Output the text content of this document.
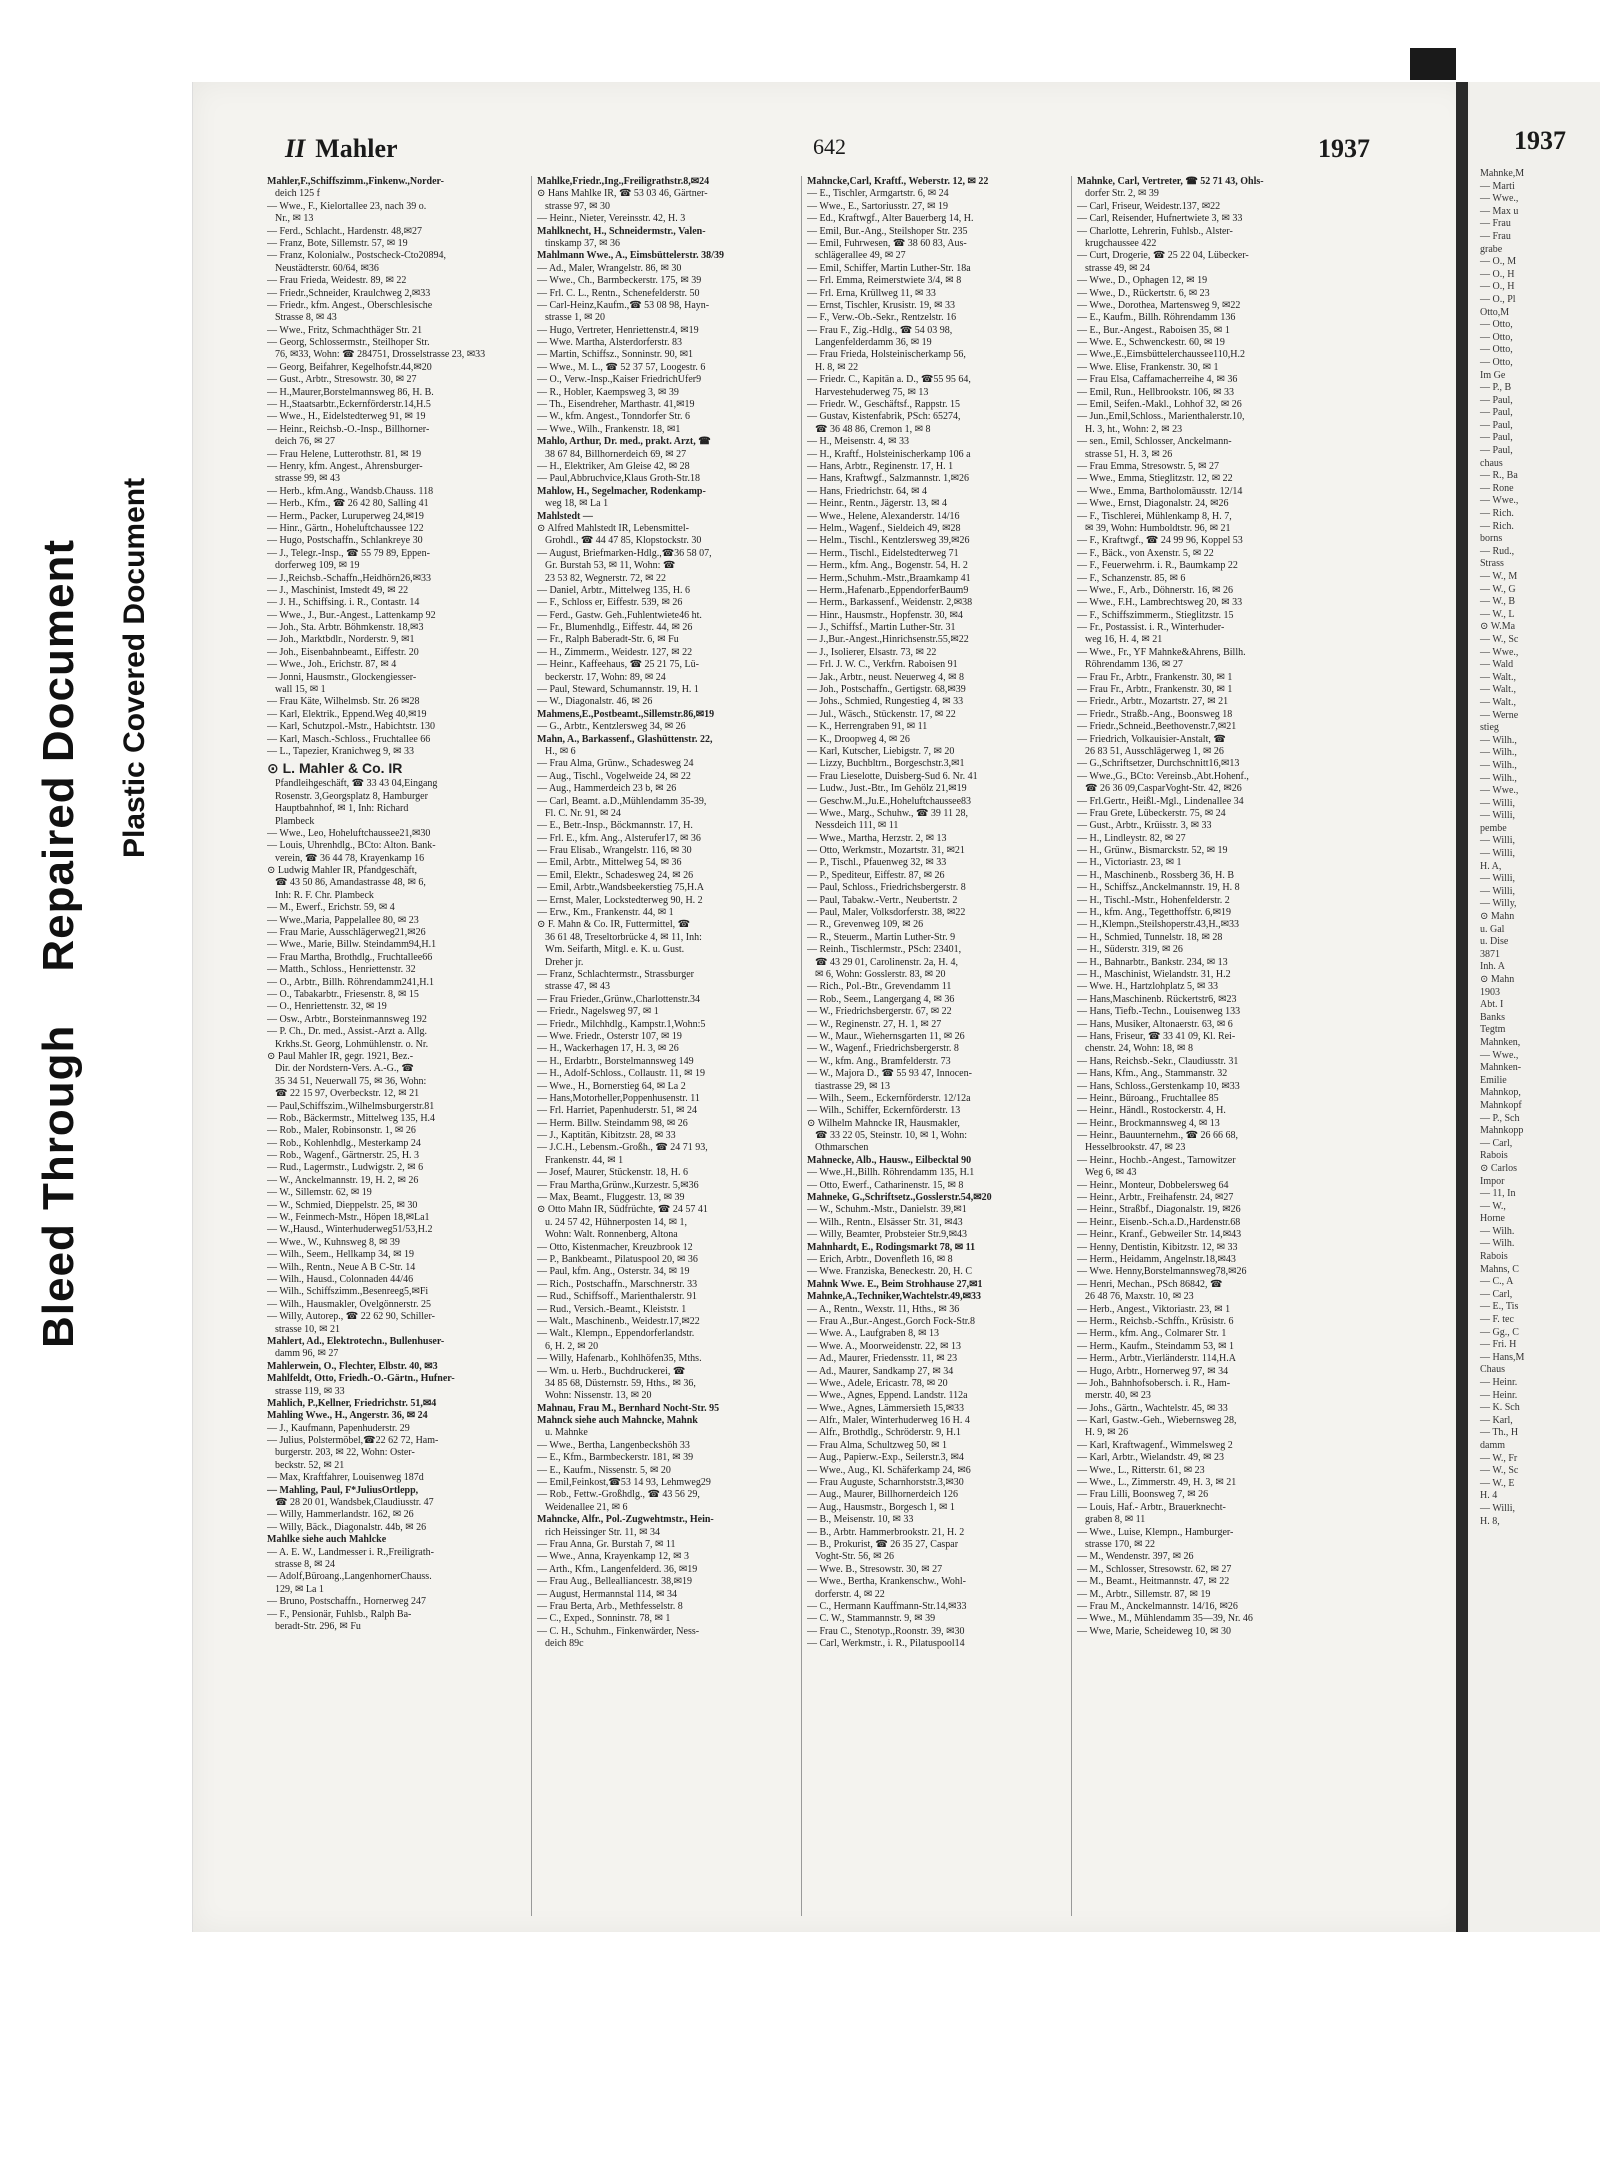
Bleed Through    Repaired Document Plastic Covered Document
II Mahler	642	1937
Mahler,F.,Schiffszimm.,Finkenw.,Norder-
deich 125 f
— Wwe., F., Kielortallee 23, nach 39 o.
Nr., ✉ 13
— Ferd., Schlacht., Hardenstr. 48,✉27
— Franz, Bote, Sillemstr. 57, ✉ 19
— Franz, Kolonialw., Postscheck-Cto20894,
Neustädterstr. 60/64, ✉36
— Frau Frieda, Weidestr. 89, ✉ 22
— Friedr.,Schneider, Kraulchweg 2,✉33
— Friedr., kfm. Angest., Oberschlesische
Strasse 8, ✉ 43
— Wwe., Fritz, Schmachthäger Str. 21
— Georg, Schlossermstr., Steilhoper Str.
76, ✉33, Wohn: ☎ 284751, Drosselstrasse 23, ✉33
— Georg, Beifahrer, Kegelhofstr.44,✉20
— Gust., Arbtr., Stresowstr. 30, ✉ 27
— H.,Maurer,Borstelmannsweg 86, H. B.
— H.,Staatsarbtr.,Eckernförderstr.14,H.5
— Wwe., H., Eidelstedterweg 91, ✉ 19
— Heinr., Reichsb.-O.-Insp., Billhorner-
deich 76, ✉ 27
— Frau Helene, Lutterothstr. 81, ✉ 19
— Henry, kfm. Angest., Ahrensburger-
strasse 99, ✉ 43
— Herb., kfm.Ang., Wandsb.Chauss. 118
— Herb., Kfm., ☎ 26 42 80, Salling 41
— Herm., Packer, Luruperweg 24,✉19
— Hinr., Gärtn., Hoheluftchaussee 122
— Hugo, Postschaffn., Schlankreye 30
— J., Telegr.-Insp., ☎ 55 79 89, Eppen-
dorferweg 109, ✉ 19
— J.,Reichsb.-Schaffn.,Heidhörn26,✉33
— J., Maschinist, Imstedt 49, ✉ 22
— J. H., Schiffsing. i. R., Contastr. 14
— Wwe., J., Bur.-Angest., Lattenkamp 92
— Joh., Sta. Arbtr. Böhmkenstr. 18,✉3
— Joh., Marktbdlr., Norderstr. 9, ✉1
— Joh., Eisenbahnbeamt., Eiffestr. 20
— Wwe., Joh., Erichstr. 87, ✉ 4
— Jonni, Hausmstr., Glockengiesser-
wall 15, ✉ 1
— Frau Käte, Wilhelmsb. Str. 26 ✉28
— Karl, Elektrik., Eppend.Weg 40,✉19
— Karl, Schutzpol.-Mstr., Habichtstr. 130
— Karl, Masch.-Schloss., Fruchtallee 66
— L., Tapezier, Kranichweg 9, ✉ 33
⊙ L. Mahler & Co. IR
Pfandleihgeschäft, ☎ 33 43 04,Eingang
Rosenstr. 3,Georgsplatz 8, Hamburger
Hauptbahnhof, ✉ 1, Inh: Richard
Plambeck
— Wwe., Leo, Hoheluftchaussee21,✉30
— Louis, Uhrenhdlg., BCto: Alton. Bank-
verein, ☎ 36 44 78, Krayenkamp 16
⊙ Ludwig Mahler IR, Pfandgeschäft,
☎ 43 50 86, Amandastrasse 48, ✉ 6,
Inh: R. F. Chr. Plambeck
— M., Ewerf., Erichstr. 59, ✉ 4
— Wwe.,Maria, Pappelallee 80, ✉ 23
— Frau Marie, Ausschlägerweg21,✉26
— Wwe., Marie, Billw. Steindamm94,H.1
— Frau Martha, Brothdlg., Fruchtallee66
— Matth., Schloss., Henriettenstr. 32
— O., Arbtr., Billh. Röhrendamm241,H.1
— O., Tabakarbtr., Friesenstr. 8, ✉ 15
— O., Henriettenstr. 32, ✉ 19
— Osw., Arbtr., Borsteinmannsweg 192
— P. Ch., Dr. med., Assist.-Arzt a. Allg.
Krkhs.St. Georg, Lohmühlenstr. o. Nr.
⊙ Paul Mahler IR, gegr. 1921, Bez.-
Dir. der Nordstern-Vers. A.-G., ☎
35 34 51, Neuerwall 75, ✉ 36, Wohn:
☎ 22 15 97, Overbeckstr. 12, ✉ 21
— Paul,Schiffszim.,Wilhelmsburgerstr.81
— Rob., Bäckermstr., Mittelweg 135, H.4
— Rob., Maler, Robinsonstr. 1, ✉ 26
— Rob., Kohlenhdlg., Mesterkamp 24
— Rob., Wagenf., Gärtnerstr. 25, H. 3
— Rud., Lagermstr., Ludwigstr. 2, ✉ 6
— W., Anckelmannstr. 19, H. 2, ✉ 26
— W., Sillemstr. 62, ✉ 19
— W., Schmied, Dieppelstr. 25, ✉ 30
— W., Feinmech-Mstr., Höpen 18,✉La1
— W.,Hausd., Winterhuderweg51/53,H.2
— Wwe., W., Kuhnsweg 8, ✉ 39
— Wilh., Seem., Hellkamp 34, ✉ 19
— Wilh., Rentn., Neue A B C-Str. 14
— Wilh., Hausd., Colonnaden 44/46
— Wilh., Schiffszimm.,Besenreeg5,✉Fi
— Wilh., Hausmakler, Övelgönnerstr. 25
— Willy, Autorep., ☎ 22 62 90, Schiller-
strasse 10, ✉ 21
Mahlert, Ad., Elektrotechn., Bullenhuser-
damm 96, ✉ 27
Mahlerwein, O., Flechter, Elbstr. 40, ✉3
Mahlfeldt, Otto, Friedh.-O.-Gärtn., Hufner-
strasse 119, ✉ 33
Mahlich, P.,Kellner, Friedrichstr. 51,✉4
Mahling Wwe., H., Angerstr. 36, ✉ 24
— J., Kaufmann, Papenhuderstr. 29
— Julius, Polstermöbel,☎22 62 72, Ham-
burgerstr. 203, ✉ 22, Wohn: Oster-
beckstr. 52, ✉ 21
— Max, Kraftfahrer, Louisenweg 187d
— Mahling, Paul, F*JuliusOrtlepp,
☎ 28 20 01, Wandsbek,Claudiusstr. 47
— Willy, Hammerlandstr. 162, ✉ 26
— Willy, Bäck., Diagonalstr. 44b, ✉ 26
Mahlke siehe auch Mahlcke
— A. E. W., Landmesser i. R.,Freiligrath-
strasse 8, ✉ 24
— Adolf,Büroang.,LangenhornerChauss.
129, ✉ La 1
— Bruno, Postschaffn., Hornerweg 247
— F., Pensionär, Fuhlsb., Ralph Ba-
beradt-Str. 296, ✉ Fu
Mahlke,Friedr.,Ing.,Freiligrathstr.8,✉24
⊙ Hans Mahlke IR, ☎ 53 03 46, Gärtner-
strasse 97, ✉ 30
— Heinr., Nieter, Vereinsstr. 42, H. 3
Mahlknecht, H., Schneidermstr., Valen-
tinskamp 37, ✉ 36
Mahlmann Wwe., A., Eimsbüttelerstr. 38/39
— Ad., Maler, Wrangelstr. 86, ✉ 30
— Wwe., Ch., Barmbeckerstr. 175, ✉ 39
— Frl. C. L., Rentn., Schenefelderstr. 50
— Carl-Heinz,Kaufm.,☎ 53 08 98, Hayn-
strasse 1, ✉ 20
— Hugo, Vertreter, Henriettenstr.4, ✉19
— Wwe. Martha, Alsterdorferstr. 83
— Martin, Schiffsz., Sonninstr. 90, ✉1
— Wwe., M. L., ☎ 52 37 57, Loogestr. 6
— O., Verw.-Insp.,Kaiser FriedrichUfer9
— R., Hobler, Kaempsweg 3, ✉ 39
— Th., Eisendreher, Marthastr. 41,✉19
— W., kfm. Angest., Tonndorfer Str. 6
— Wwe., Wilh., Frankenstr. 18, ✉1
Mahlo, Arthur, Dr. med., prakt. Arzt, ☎
38 67 84, Billhornerdeich 69, ✉ 27
— H., Elektriker, Am Gleise 42, ✉ 28
— Paul,Abbruchvice,Klaus Groth-Str.18
Mahlow, H., Segelmacher, Rodenkamp-
weg 18, ✉ La 1
Mahlstedt —
⊙ Alfred Mahlstedt IR, Lebensmittel-
Grohdl., ☎ 44 47 85, Klopstockstr. 30
— August, Briefmarken-Hdlg.,☎36 58 07,
Gr. Burstah 53, ✉ 11, Wohn: ☎
23 53 82, Wegnerstr. 72, ✉ 22
— Daniel, Arbtr., Mittelweg 135, H. 6
— F., Schloss er, Eiffestr. 539, ✉ 26
— Ferd., Gastw. Geh.,Fuhlentwiete46 ht.
— Fr., Blumenhdlg., Eiffestr. 44, ✉ 26
— Fr., Ralph Baberadt-Str. 6, ✉ Fu
— H., Zimmerm., Weidestr. 127, ✉ 22
— Heinr., Kaffeehaus, ☎ 25 21 75, Lü-
beckerstr. 17, Wohn: 89, ✉ 24
— Paul, Steward, Schumannstr. 19, H. 1
— W., Diagonalstr. 46, ✉ 26
Mahmens,E.,Postbeamt.,Sillemstr.86,✉19
— G., Arbtr., Kentzlersweg 34, ✉ 26
Mahn, A., Barkassenf., Glashüttenstr. 22,
H., ✉ 6
— Frau Alma, Grünw., Schadesweg 24
— Aug., Tischl., Vogelweide 24, ✉ 22
— Aug., Hammerdeich 23 b, ✉ 26
— Carl, Beamt. a.D.,Mühlendamm 35-39,
Fl. C. Nr. 91, ✉ 24
— E., Betr.-Insp., Böckmannstr. 17, H.
— Frl. E., kfm. Ang., Alsterufer17, ✉ 36
— Frau Elisab., Wrangelstr. 116, ✉ 30
— Emil, Arbtr., Mittelweg 54, ✉ 36
— Emil, Elektr., Schadesweg 24, ✉ 26
— Emil, Arbtr.,Wandsbeekerstieg 75,H.A
— Ernst, Maler, Lockstedterweg 90, H. 2
— Erw., Km., Frankenstr. 44, ✉ 1
⊙ F. Mahn & Co. IR, Futtermittel, ☎
36 61 48, Treseltorbrücke 4, ✉ 11, Inh:
Wm. Seifarth, Mitgl. e. K. u. Gust.
Dreher jr.
— Franz, Schlachtermstr., Strassburger
strasse 47, ✉ 43
— Frau Frieder.,Grünw.,Charlottenstr.34
— Friedr., Nagelsweg 97, ✉ 1
— Friedr., Milchhdlg., Kampstr.1,Wohn:5
— Wwe. Friedr., Osterstr 107, ✉ 19
— H., Wackerhagen 17, H. 3, ✉ 26
— H., Erdarbtr., Borstelmannsweg 149
— H., Adolf-Schloss., Collaustr. 11, ✉ 19
— Wwe., H., Bornerstieg 64, ✉ La 2
— Hans,Motorheller,Poppenhusenstr. 11
— Frl. Harriet, Papenhuderstr. 51, ✉ 24
— Herm. Billw. Steindamm 98, ✉ 26
— J., Kaptitän, Kibitzstr. 28, ✉ 33
— J.C.H., Lebensm.-Großh., ☎ 24 71 93,
Frankenstr. 44, ✉ 1
— Josef, Maurer, Stückenstr. 18, H. 6
— Frau Martha,Grünw.,Kurzestr. 5,✉36
— Max, Beamt., Fluggestr. 13, ✉ 39
⊙ Otto Mahn IR, Südfrüchte, ☎ 24 57 41
u. 24 57 42, Hühnerposten 14, ✉ 1,
Wohn: Walt. Ronnenberg, Altona
— Otto, Kistenmacher, Kreuzbrook 12
— P., Bankbeamt., Pilatuspool 20, ✉ 36
— Paul, kfm. Ang., Osterstr. 34, ✉ 19
— Rich., Postschaffn., Marschnerstr. 33
— Rud., Schiffsoff., Marienthalerstr. 91
— Rud., Versich.-Beamt., Kleiststr. 1
— Walt., Maschinenb., Weidestr.17,✉22
— Walt., Klempn., Eppendorferlandstr.
6, H. 2, ✉ 20
— Willy, Hafenarb., Kohlhöfen35, Mths.
— Wm. u. Herb., Buchdruckerei, ☎
34 85 68, Düsternstr. 59, Hths., ✉ 36,
Wohn: Nissenstr. 13, ✉ 20
Mahnau, Frau M., Bernhard Nocht-Str. 95
Mahnck siehe auch Mahncke, Mahnk
u. Mahnke
— Wwe., Bertha, Langenbeckshöh 33
— E., Kfm., Barmbeckerstr. 181, ✉ 39
— E., Kaufm., Nissenstr. 5, ✉ 20
— Emil,Feinkost,☎53 14 93, Lehmweg29
— Rob., Fettw.-Großhdlg., ☎ 43 56 29,
Weidenallee 21, ✉ 6
Mahncke, Alfr., Pol.-Zugwehtmstr., Hein-
rich Heissinger Str. 11, ✉ 34
— Frau Anna, Gr. Burstah 7, ✉ 11
— Wwe., Anna, Krayenkamp 12, ✉ 3
— Arth., Kfm., Langenfelderd. 36, ✉19
— Frau Aug., Bellealliancestr. 38,✉19
— August, Hermannstal 114, ✉ 34
— Frau Berta, Arb., Methfesselstr. 8
— C., Exped., Sonninstr. 78, ✉ 1
— C. H., Schuhm., Finkenwärder, Ness-
deich 89c
Mahncke,Carl, Kraftf., Weberstr. 12, ✉ 22
— E., Tischler, Armgartstr. 6, ✉ 24
— Wwe., E., Sartoriusstr. 27, ✉ 19
— Ed., Kraftwgf., Alter Bauerberg 14, H.
— Emil, Bur.-Ang., Steilshoper Str. 235
— Emil, Fuhrwesen, ☎ 38 60 83, Aus-
schlägerallee 49, ✉ 27
— Emil, Schiffer, Martin Luther-Str. 18a
— Frl. Emma, Reimerstwiete 3/4, ✉ 8
— Frl. Erna, Krüllweg 11, ✉ 33
— Ernst, Tischler, Krusistr. 19, ✉ 33
— F., Verw.-Ob.-Sekr., Rentzelstr. 16
— Frau F., Zig.-Hdlg., ☎ 54 03 98,
Langenfelderdamm 36, ✉ 19
— Frau Frieda, Holsteinischerkamp 56,
H. 8, ✉ 22
— Friedr. C., Kapitän a. D., ☎55 95 64,
Harvestehuderweg 75, ✉ 13
— Friedr. W., Geschäftsf., Rappstr. 15
— Gustav, Kistenfabrik, PSch: 65274,
☎ 36 48 86, Cremon 1, ✉ 8
— H., Meisenstr. 4, ✉ 33
— H., Kraftf., Holsteinischerkamp 106 a
— Hans, Arbtr., Reginenstr. 17, H. 1
— Hans, Kraftwgf., Salzmannstr. 1,✉26
— Hans, Friedrichstr. 64, ✉ 4
— Heinr., Rentn., Jägerstr. 13, ✉ 4
— Wwe., Helene, Alexanderstr. 14/16
— Helm., Wagenf., Sieldeich 49, ✉28
— Helm., Tischl., Kentzlersweg 39,✉26
— Herm., Tischl., Eidelstedterweg 71
— Herm., kfm. Ang., Bogenstr. 54, H. 2
— Herm.,Schuhm.-Mstr.,Braamkamp 41
— Herm.,Hafenarb.,EppendorferBaum9
— Herm., Barkassenf., Weidenstr. 2,✉38
— Hinr., Hausmstr., Hopfenstr. 30, ✉4
— J., Schiffsf., Martin Luther-Str. 31
— J.,Bur.-Angest.,Hinrichsenstr.55,✉22
— J., Isolierer, Elsastr. 73, ✉ 22
— Frl. J. W. C., Verkfrn. Raboisen 91
— Jak., Arbtr., neust. Neuerweg 4, ✉ 8
— Joh., Postschaffn., Gertigstr. 68,✉39
— Johs., Schmied, Rungestieg 4, ✉ 33
— Jul., Wäsch., Stückenstr. 17, ✉ 22
— K., Herrengraben 91, ✉ 11
— K., Droopweg 4, ✉ 26
— Karl, Kutscher, Liebigstr. 7, ✉ 20
— Lizzy, Buchbltrn., Borgeschstr.3,✉1
— Frau Lieselotte, Duisberg-Sud 6. Nr. 41
— Ludw., Just.-Btr., Im Gehölz 21,✉19
— Geschw.M.,Ju.E.,Hoheluftchaussee83
— Wwe., Marg., Schuhw., ☎ 39 11 28,
Nessdeich 111, ✉ 11
— Wwe., Martha, Herzstr. 2, ✉ 13
— Otto, Werkmstr., Mozartstr. 31, ✉21
— P., Tischl., Pfauenweg 32, ✉ 33
— P., Spediteur, Eiffestr. 87, ✉ 26
— Paul, Schloss., Friedrichsbergerstr. 8
— Paul, Tabakw.-Vertr., Neubertstr. 2
— Paul, Maler, Volksdorferstr. 38, ✉22
— R., Grevenweg 109, ✉ 26
— R., Steuerm., Martin Luther-Str. 9
— Reinh., Tischlermstr., PSch: 23401,
☎ 43 29 01, Carolinenstr. 2a, H. 4,
✉ 6, Wohn: Gosslerstr. 83, ✉ 20
— Rich., Pol.-Btr., Grevendamm 11
— Rob., Seem., Langergang 4, ✉ 36
— W., Friedrichsbergerstr. 67, ✉ 22
— W., Reginenstr. 27, H. 1, ✉ 27
— W., Maur., Wiehernsgarten 11, ✉ 26
— W., Wagenf., Friedrichsbergerstr. 8
— W., kfm. Ang., Bramfelderstr. 73
— W., Majora D., ☎ 55 93 47, Innocen-
tiastrasse 29, ✉ 13
— Wilh., Seem., Eckernförderstr. 12/12a
— Wilh., Schiffer, Eckernförderstr. 13
⊙ Wilhelm Mahncke IR, Hausmakler,
☎ 33 22 05, Steinstr. 10, ✉ 1, Wohn:
Othmarschen
Mahnecke, Alb., Hausw., Eilbecktal 90
— Wwe.,H.,Billh. Röhrendamm 135, H.1
— Otto, Ewerf., Catharinenstr. 15, ✉ 8
Mahneke, G.,Schriftsetz.,Gosslerstr.54,✉20
— W., Schuhm.-Mstr., Danielstr. 39,✉1
— Wilh., Rentn., Elsässer Str. 31, ✉43
— Willy, Beamter, Probsteier Str.9,✉43
Mahnhardt, E., Rodingsmarkt 78, ✉ 11
— Erich, Arbtr., Dovenfleth 16, ✉ 8
— Wwe. Franziska, Beneckestr. 20, H. C
Mahnk Wwe. E., Beim Strohhause 27,✉1
Mahnke,A.,Techniker,Wachtelstr.49,✉33
— A., Rentn., Wexstr. 11, Hths., ✉ 36
— Frau A.,Bur.-Angest.,Gorch Fock-Str.8
— Wwe. A., Laufgraben 8, ✉ 13
— Wwe. A., Moorweidenstr. 22, ✉ 13
— Ad., Maurer, Friedensstr. 11, ✉ 23
— Ad., Maurer, Sandkamp 27, ✉ 34
— Wwe., Adele, Ericastr. 78, ✉ 20
— Wwe., Agnes, Eppend. Landstr. 112a
— Wwe., Agnes, Lämmersieth 15,✉33
— Alfr., Maler, Winterhuderweg 16 H. 4
— Alfr., Brothdlg., Schröderstr. 9, H.1
— Frau Alma, Schultzweg 50, ✉ 1
— Aug., Papierw.-Exp., Seilerstr.3, ✉4
— Wwe., Aug., Kl. Schäferkamp 24, ✉6
— Frau Auguste, Scharnhorststr.3,✉30
— Aug., Maurer, Billhornerdeich 126
— Aug., Hausmstr., Borgesch 1, ✉ 1
— B., Meisenstr. 10, ✉ 33
— B., Arbtr. Hammerbrookstr. 21, H. 2
— B., Prokurist, ☎ 26 35 27, Caspar
Voght-Str. 56, ✉ 26
— Wwe. B., Stresowstr. 30, ✉ 27
— Wwe., Bertha, Krankenschw., Wohl-
dorferstr. 4, ✉ 22
— C., Hermann Kauffmann-Str.14,✉33
— C. W., Stammannstr. 9, ✉ 39
— Frau C., Stenotyp.,Roonstr. 39, ✉30
— Carl, Werkmstr., i. R., Pilatuspool14
Mahnke, Carl, Vertreter, ☎ 52 71 43, Ohls-
dorfer Str. 2, ✉ 39
— Carl, Friseur, Weidestr.137, ✉22
— Carl, Reisender, Hufnertwiete 3, ✉ 33
— Charlotte, Lehrerin, Fuhlsb., Alster-
krugchaussee 422
— Curt, Drogerie, ☎ 25 22 04, Lübecker-
strasse 49, ✉ 24
— Wwe., D., Ophagen 12, ✉ 19
— Wwe., D., Rückertstr. 6, ✉ 23
— Wwe., Dorothea, Martensweg 9, ✉22
— E., Kaufm., Billh. Röhrendamm 136
— E., Bur.-Angest., Raboisen 35, ✉ 1
— Wwe. E., Schwenckestr. 60, ✉ 19
— Wwe.,E.,Eimsbüttelerchaussee110,H.2
— Wwe. Elise, Frankenstr. 30, ✉ 1
— Frau Elsa, Caffamacherreihe 4, ✉ 36
— Emil, Run., Hellbrookstr. 106, ✉ 33
— Emil, Seifen.-Makl., Lohhof 32, ✉ 26
— Jun.,Emil,Schloss., Marienthalerstr.10,
H. 3, ht., Wohn: 2, ✉ 23
— sen., Emil, Schlosser, Anckelmann-
strasse 51, H. 3, ✉ 26
— Frau Emma, Stresowstr. 5, ✉ 27
— Wwe., Emma, Stieglitzstr. 12, ✉ 22
— Wwe., Emma, Bartholomäusstr. 12/14
— Wwe., Ernst, Diagonalstr. 24, ✉26
— F., Tischlerei, Mühlenkamp 8, H. 7,
✉ 39, Wohn: Humboldtstr. 96, ✉ 21
— F., Kraftwgf., ☎ 24 99 96, Koppel 53
— F., Bäck., von Axenstr. 5, ✉ 22
— F., Feuerwehrm. i. R., Baumkamp 22
— F., Schanzenstr. 85, ✉ 6
— Wwe., F., Arb., Döhnerstr. 16, ✉ 26
— Wwe., F.H., Lambrechtsweg 20, ✉ 33
— F., Schiffszimmerm., Stieglitzstr. 15
— Fr., Postassist. i. R., Winterhuder-
weg 16, H. 4, ✉ 21
— Wwe., Fr., YF Mahnke&Ahrens, Billh.
Röhrendamm 136, ✉ 27
— Frau Fr., Arbtr., Frankenstr. 30, ✉ 1
— Frau Fr., Arbtr., Frankenstr. 30, ✉ 1
— Friedr., Arbtr., Mozartstr. 27, ✉ 21
— Friedr., Straßb.-Ang., Boonsweg 18
— Friedr.,Schneid.,Beethovenstr.7,✉21
— Friedrich, Volkauisier-Anstalt, ☎
26 83 51, Ausschlägerweg 1, ✉ 26
— G.,Schriftsetzer, Durchschnitt16,✉13
— Wwe.,G., BCto: Vereinsb.,Abt.Hohenf.,
☎ 26 36 09,CasparVoght-Str. 42, ✉26
— Frl.Gertr., Heißl.-Mgl., Lindenallee 34
— Frau Grete, Lübeckerstr. 75, ✉ 24
— Gust., Arbtr., Krüisstr. 3, ✉ 33
— H., Lindleystr. 82, ✉ 27
— H., Grünw., Bismarckstr. 52, ✉ 19
— H., Victoriastr. 23, ✉ 1
— H., Maschinenb., Rossberg 36, H. B
— H., Schiffsz.,Anckelmannstr. 19, H. 8
— H., Tischl.-Mstr., Hohenfelderstr. 2
— H., kfm. Ang., Tegetthoffstr. 6,✉19
— H.,Klempn.,Steilshoperstr.43,H.,✉33
— H., Schmied, Tunnelstr. 18, ✉ 28
— H., Süderstr. 319, ✉ 26
— H., Bahnarbtr., Bankstr. 234, ✉ 13
— H., Maschinist, Wielandstr. 31, H.2
— Wwe. H., Hartzlohplatz 5, ✉ 33
— Hans,Maschinenb. Rückertstr6, ✉23
— Hans, Tiefb.-Techn., Louisenweg 133
— Hans, Musiker, Altonaerstr. 63, ✉ 6
— Hans, Friseur, ☎ 33 41 09, Kl. Rei-
chenstr. 24, Wohn: 18, ✉ 8
— Hans, Reichsb.-Sekr., Claudiusstr. 31
— Hans, Kfm., Ang., Stammanstr. 32
— Hans, Schloss.,Gerstenkamp 10, ✉33
— Heinr., Büroang., Fruchtallee 85
— Heinr., Händl., Rostockerstr. 4, H.
— Heinr., Brockmannsweg 4, ✉ 13
— Heinr., Bauunternehm., ☎ 26 66 68,
Hesselbrookstr. 47, ✉ 23
— Heinr., Hochb.-Angest., Tarnowitzer
Weg 6, ✉ 43
— Heinr., Monteur, Dobbelersweg 64
— Heinr., Arbtr., Freihafenstr. 24, ✉27
— Heinr., Straßbf., Diagonalstr. 19, ✉26
— Heinr., Eisenb.-Sch.a.D.,Hardenstr.68
— Heinr., Kranf., Gebweiler Str. 14,✉43
— Henny, Dentistin, Kibitzstr. 12, ✉ 33
— Herm., Heidamm, Angelnstr.18,✉43
— Wwe. Henny,Borstelmannsweg78,✉26
— Henri, Mechan., PSch 86842, ☎
26 48 76, Maxstr. 10, ✉ 23
— Herb., Angest., Viktoriastr. 23, ✉ 1
— Herm., Reichsb.-Schffn., Krüsistr. 6
— Herm., kfm. Ang., Colmarer Str. 1
— Herm., Kaufm., Steindamm 53, ✉ 1
— Herm., Arbtr.,Vierländerstr. 114,H.A
— Hugo, Arbtr., Hornerweg 97, ✉ 34
— Joh., Bahnhofsobersch. i. R., Ham-
merstr. 40, ✉ 23
— Johs., Gärtn., Wachtelstr. 45, ✉ 33
— Karl, Gastw.-Geh., Wiebernsweg 28,
H. 9, ✉ 26
— Karl, Kraftwagenf., Wimmelsweg 2
— Karl, Arbtr., Wielandstr. 49, ✉ 23
— Wwe., L., Ritterstr. 61, ✉ 23
— Wwe., L., Zimmerstr. 49, H. 3, ✉ 21
— Frau Lilli, Boonsweg 7, ✉ 26
— Louis, Haf.- Arbtr., Brauerknecht-
graben 8, ✉ 11
— Wwe., Luise, Klempn., Hamburger-
strasse 170, ✉ 22
— M., Wendenstr. 397, ✉ 26
— M., Schlosser, Stresowstr. 62, ✉ 27
— M., Beamt., Heitmannstr. 47, ✉ 22
— M., Arbtr., Sillemstr. 87, ✉ 19
— Frau M., Anckelmannstr. 14/16, ✉26
— Wwe., M., Mühlendamm 35—39, Nr. 46
— Wwe, Marie, Scheideweg 10, ✉ 30
1937
Mahnke,M
— Marti
— Wwe.,
— Max u
— Frau
— Frau
grabe
— O., M
— O., H
— O., H
— O., Pl
Otto,M
— Otto,
— Otto,
— Otto,
— Otto,
Im Ge
— P., B
— Paul,
— Paul,
— Paul,
— Paul,
— Paul,
chaus
— R., Ba
— Rone
— Wwe.,
— Rich.
— Rich.
borns
— Rud.,
Strass
— W., M
— W., G
— W., B
— W., L
⊙ W.Ma
— W., Sc
— Wwe.,
— Wald
— Walt.,
— Walt.,
— Walt.,
— Werne
stieg
— Wilh.,
— Wilh.,
— Wilh.,
— Wilh.,
— Wwe.,
— Willi,
— Willi,
pembe
— Willi,
— Willi,
H. A,
— Willi,
— Willi,
— Willy,
⊙ Mahn
u. Gal
u. Dise
3871
Inh. A
⊙ Mahn
1903
Abt. I
Banks
Tegtm
Mahnken,
— Wwe.,
Mahnken-
Emilie
Mahnkop,
Mahnkopf
— P., Sch
Mahnkopp
— Carl,
Rabois
⊙ Carlos
Impor
— 11, In
— W.,
Horne
— Wilh.
— Wilh.
Rabois
Mahns, C
— C., A
— Carl,
— E., Tis
— F. tec
— Gg., C
— Fri. H
— Hans,M
Chaus
— Heinr.
— Heinr.
— K. Sch
— Karl,
— Th., H
damm
— W., Fr
— W., Sc
— W., E
H. 4
— Willi,
H. 8,
